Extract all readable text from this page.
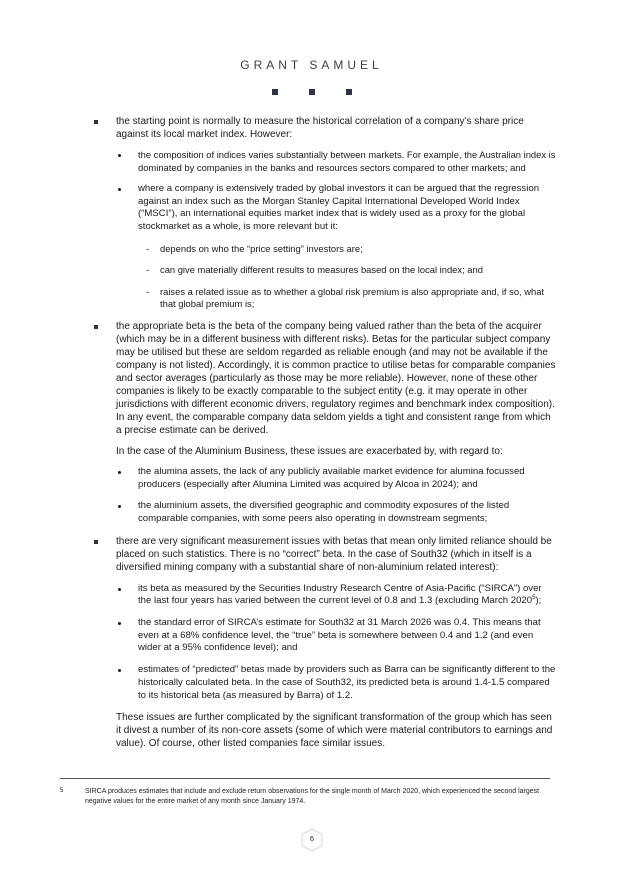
GRANT SAMUEL
the starting point is normally to measure the historical correlation of a company’s share price against its local market index. However:
the composition of indices varies substantially between markets. For example, the Australian index is dominated by companies in the banks and resources sectors compared to other markets; and
where a company is extensively traded by global investors it can be argued that the regression against an index such as the Morgan Stanley Capital International Developed World Index (“MSCI”), an international equities market index that is widely used as a proxy for the global stockmarket as a whole, is more relevant but it:
- depends on who the “price setting” investors are;
- can give materially different results to measures based on the local index; and
- raises a related issue as to whether a global risk premium is also appropriate and, if so, what that global premium is;
the appropriate beta is the beta of the company being valued rather than the beta of the acquirer (which may be in a different business with different risks). Betas for the particular subject company may be utilised but these are seldom regarded as reliable enough (and may not be available if the company is not listed). Accordingly, it is common practice to utilise betas for comparable companies and sector averages (particularly as those may be more reliable). However, none of these other companies is likely to be exactly comparable to the subject entity (e.g. it may operate in other jurisdictions with different economic drivers, regulatory regimes and benchmark index composition). In any event, the comparable company data seldom yields a tight and consistent range from which a precise estimate can be derived.
In the case of the Aluminium Business, these issues are exacerbated by, with regard to:
the alumina assets, the lack of any publicly available market evidence for alumina focussed producers (especially after Alumina Limited was acquired by Alcoa in 2024); and
the aluminium assets, the diversified geographic and commodity exposures of the listed comparable companies, with some peers also operating in downstream segments;
there are very significant measurement issues with betas that mean only limited reliance should be placed on such statistics. There is no “correct” beta. In the case of South32 (which in itself is a diversified mining company with a substantial share of non-aluminium related interest):
its beta as measured by the Securities Industry Research Centre of Asia-Pacific (“SIRCA”) over the last four years has varied between the current level of 0.8 and 1.3 (excluding March 2020$^5$);
the standard error of SIRCA’s estimate for South32 at 31 March 2026 was 0.4. This means that even at a 68% confidence level, the “true” beta is somewhere between 0.4 and 1.2 (and even wider at a 95% confidence level); and
estimates of “predicted” betas made by providers such as Barra can be significantly different to the historically calculated beta. In the case of South32, its predicted beta is around 1.4-1.5 compared to its historical beta (as measured by Barra) of 1.2.
These issues are further complicated by the significant transformation of the group which has seen it divest a number of its non-core assets (some of which were material contributors to earnings and value). Of course, other listed companies face similar issues.
5	SIRCA produces estimates that include and exclude return observations for the single month of March 2020, which experienced the second largest negative values for the entire market of any month since January 1974.
6
